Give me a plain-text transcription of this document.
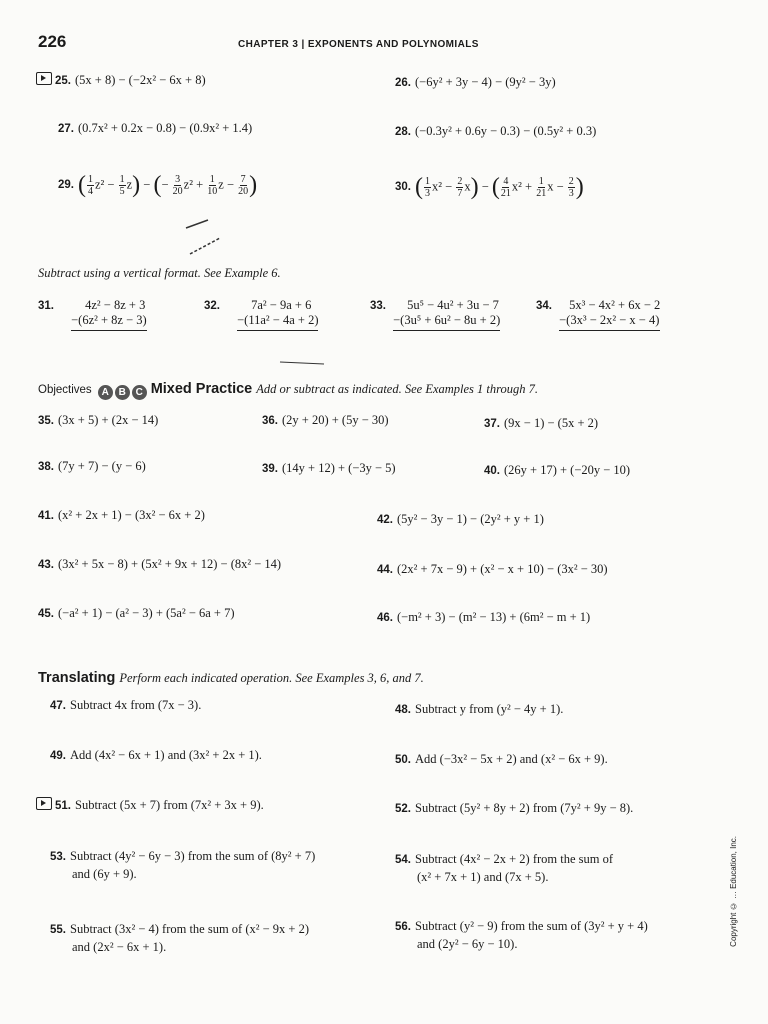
226	CHAPTER 3 | EXPONENTS AND POLYNOMIALS
25. (5x + 8) − (−2x² − 6x + 8)	26. (−6y² + 3y − 4) − (9y² − 3y)
27. (0.7x² + 0.2x − 0.8) − (0.9x² + 1.4)	28. (−0.3y² + 0.6y − 0.3) − (0.5y² + 0.3)
29. ( $\frac{1}{4} z^2 - \frac{1}{5} z$) − (− $\frac{3}{20} z^2 + \frac{1}{10}$ $z - \frac{7}{20}$ )	30. ( $\frac{1}{3} x^2 - \frac{2}{7} x$) − ( $\frac{4}{21} x^2 + \frac{1}{21}$ $x - \frac{2}{3}$ )
Subtract using a vertical format. See Example 6.
31.	4z² − 8z + 3
−(6z² + 8z − 3)
32.	7a² − 9a + 6
−(11a² − 4a + 2)
33.	5u⁵ − 4u² + 3u − 7
−(3u⁵ + 6u² − 8u + 2)
34.	5x³ − 4x² + 6x − 2
−(3x³ − 2x² − x − 4)
Objectives A B C Mixed Practice Add or subtract as indicated. See Examples 1 through 7.
35. (3x + 5) + (2x − 14)	36. (2y + 20) + (5y − 30)	37. (9x − 1) − (5x + 2)
38. (7y + 7) − (y − 6)	39. (14y + 12) + (−3y − 5)	40. (26y + 17) + (−20y − 10)
41. (x² + 2x + 1) − (3x² − 6x + 2)	42. (5y² − 3y − 1) − (2y² + y + 1)
43. (3x² + 5x − 8) + (5x² + 9x + 12) − (8x² − 14)	44. (2x² + 7x − 9) + (x² − x + 10) − (3x² − 30)
45. (−a² + 1) − (a² − 3) + (5a² − 6a + 7)	46. (−m² + 3) − (m² − 13) + (6m² − m + 1)
Translating Perform each indicated operation. See Examples 3, 6, and 7.
47. Subtract 4x from (7x − 3).	48. Subtract y from (y² − 4y + 1).
49. Add (4x² − 6x + 1) and (3x² + 2x + 1).	50. Add (−3x² − 5x + 2) and (x² − 6x + 9).
51. Subtract (5x + 7) from (7x² + 3x + 9).	52. Subtract (5y² + 8y + 2) from (7y² + 9y − 8).
53. Subtract (4y² − 6y − 3) from the sum of (8y² + 7)
and (6y + 9).
54. Subtract (4x² − 2x + 2) from the sum of
(x² + 7x + 1) and (7x + 5).
55. Subtract (3x² − 4) from the sum of (x² − 9x + 2)
and (2x² − 6x + 1).
56. Subtract (y² − 9) from the sum of (3y² + y + 4)
and (2y² − 6y − 10).	Copyright © … Education, Inc.
